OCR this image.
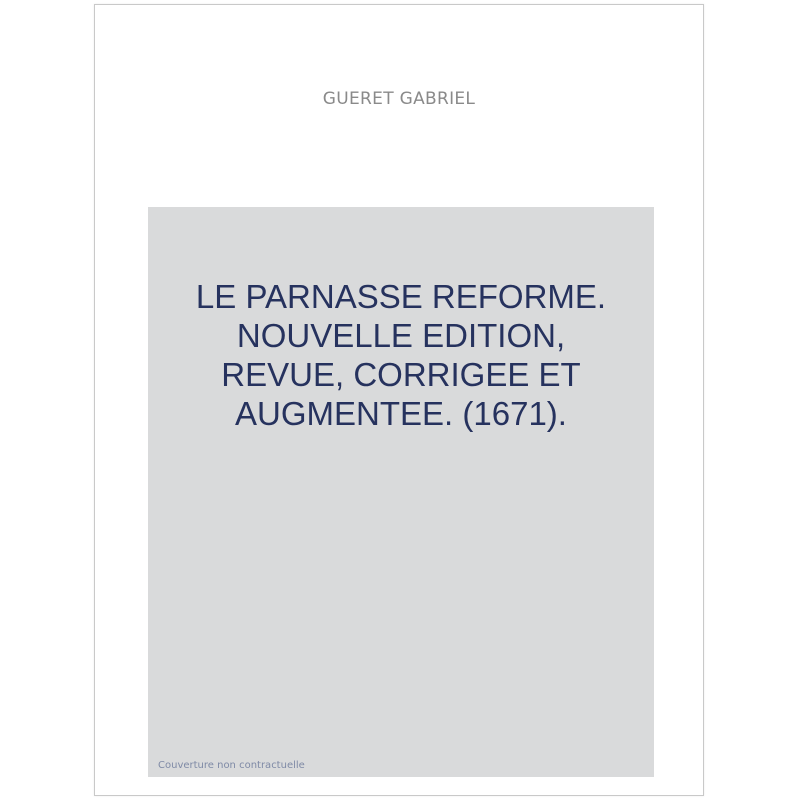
GUERET GABRIEL
LE PARNASSE REFORME.
NOUVELLE EDITION,
REVUE, CORRIGEE ET
AUGMENTEE. (1671).
Couverture non contractuelle
